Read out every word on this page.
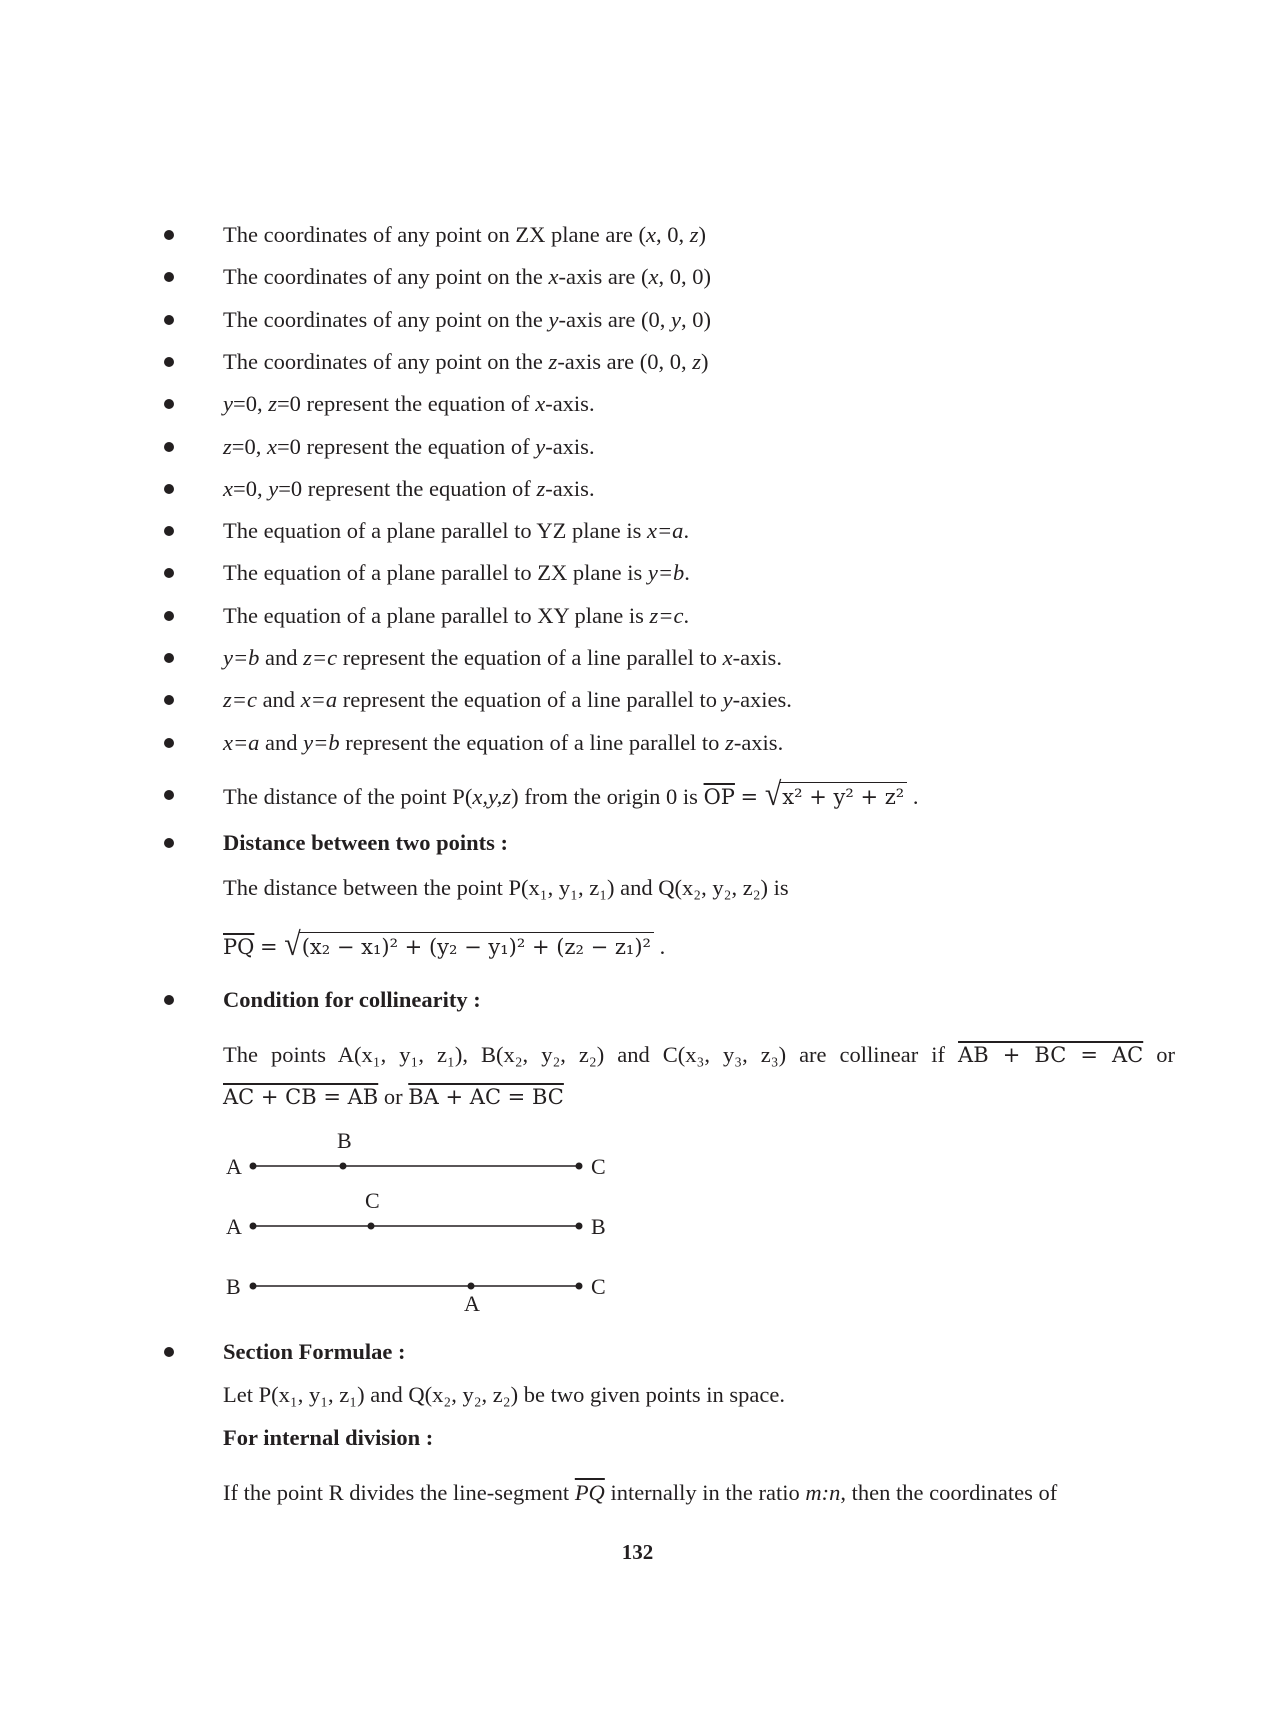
The coordinates of any point on ZX plane are (x, 0, z)
The coordinates of any point on the x-axis are (x, 0, 0)
The coordinates of any point on the y-axis are (0, y, 0)
The coordinates of any point on the z-axis are (0, 0, z)
y=0, z=0 represent the equation of x-axis.
z=0, x=0 represent the equation of y-axis.
x=0, y=0 represent the equation of z-axis.
The equation of a plane parallel to YZ plane is x=a.
The equation of a plane parallel to ZX plane is y=b.
The equation of a plane parallel to XY plane is z=c.
y=b and z=c represent the equation of a line parallel to x-axis.
z=c and x=a represent the equation of a line parallel to y-axies.
x=a and y=b represent the equation of a line parallel to z-axis.
The distance of the point P(x,y,z) from the origin 0 is $\overline{OP} = √x^2 + y^2 + z^2$ .
Distance between two points :
The distance between the point P(x₁, y₁, z₁) and Q(x₂, y₂, z₂) is
$\overline{PQ} = √(x_2 - x_1)^2 + (y_2 - y_1)^2 + (z_2 - z_1)^2$ .
Condition for collinearity :
The points A(x₁, y₁, z₁), B(x₂, y₂, z₂) and C(x₃, y₃, z₃) are collinear if AB + BC = AC or
AC + CB = AB or BA + AC = BC
A
B
C
A
C
B
B
A
C
Section Formulae :
Let P(x₁, y₁, z₁) and Q(x₂, y₂, z₂) be two given points in space.
For internal division :
If the point R divides the line-segment $\overline{PQ}$ internally in the ratio m:n, then the coordinates of
132
